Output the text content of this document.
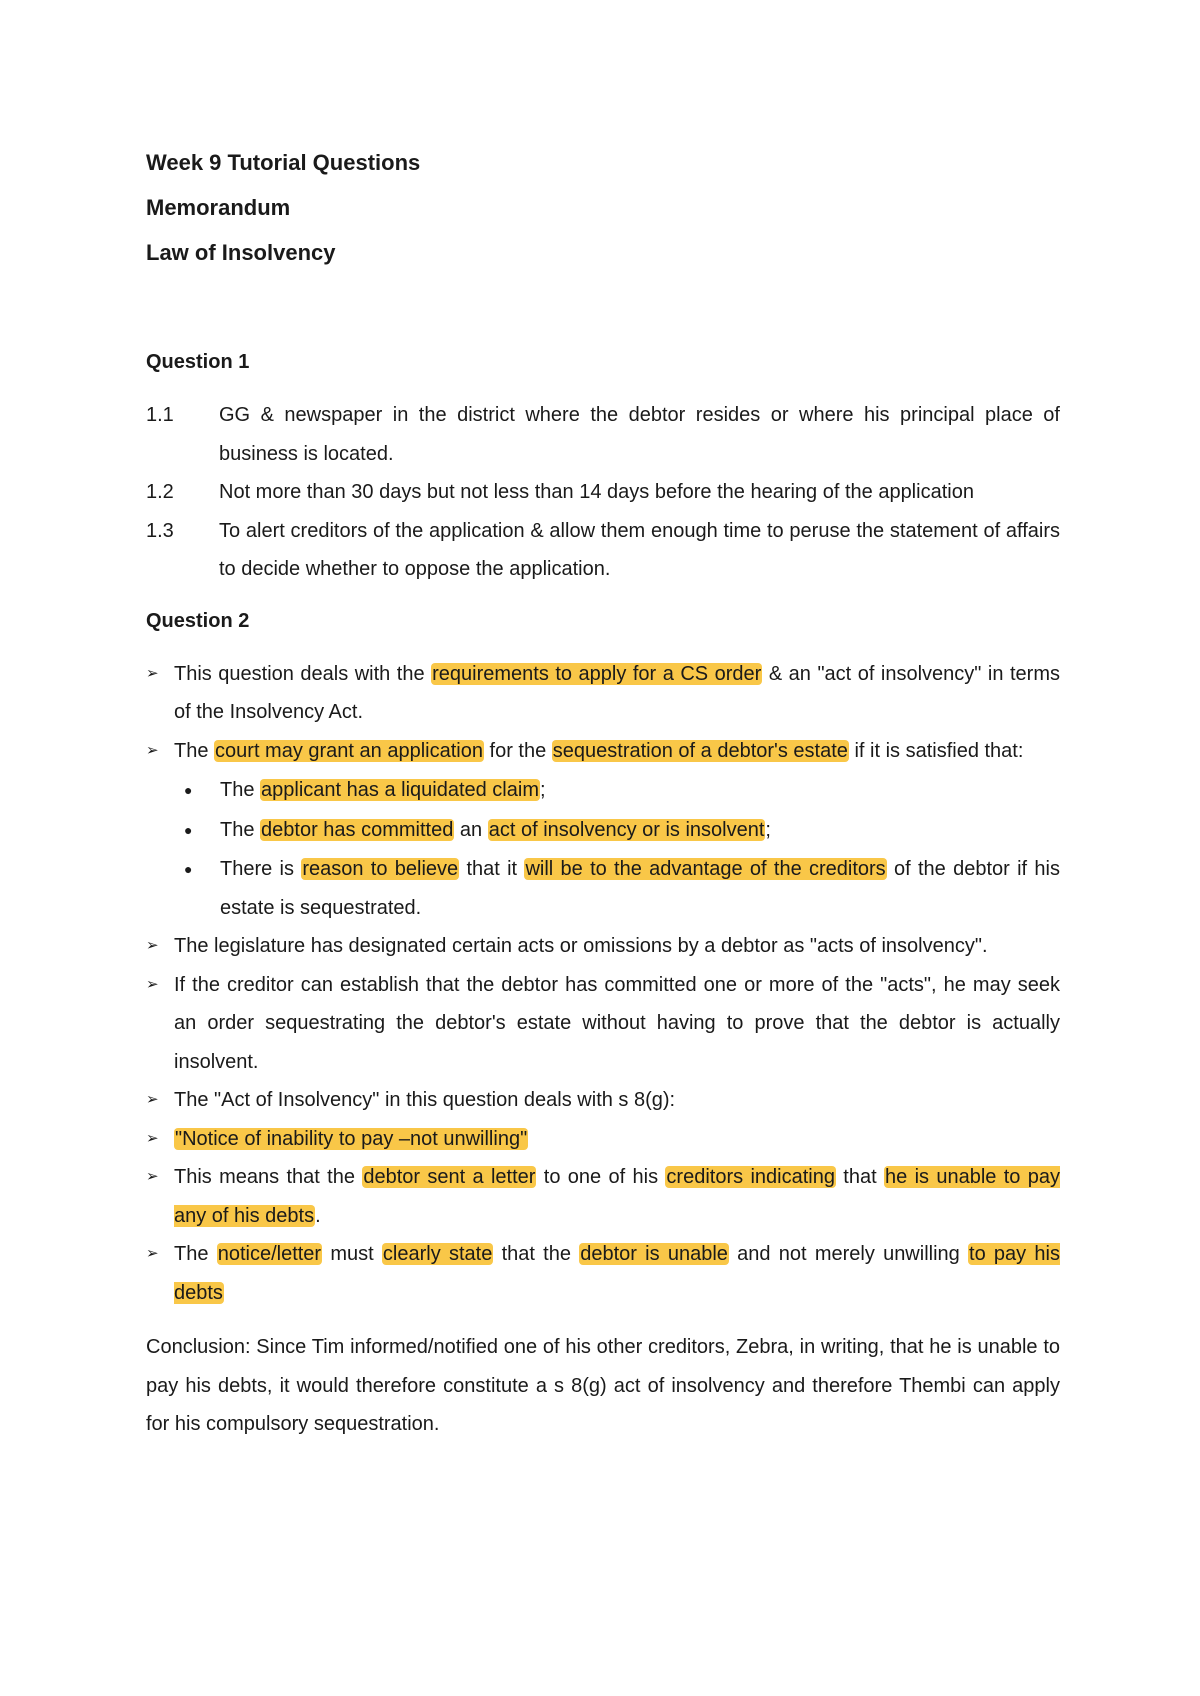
Week 9 Tutorial Questions

Memorandum

Law of Insolvency

Question 1

1.1	GG & newspaper in the district where the debtor resides or where his principal place of business is located.
1.2	Not more than 30 days but not less than 14 days before the hearing of the application
1.3	To alert creditors of the application & allow them enough time to peruse the statement of affairs to decide whether to oppose the application.

Question 2

➢ This question deals with the requirements to apply for a CS order & an "act of insolvency" in terms of the Insolvency Act.
➢ The court may grant an application for the sequestration of a debtor's estate if it is satisfied that:
●	The applicant has a liquidated claim;
●	The debtor has committed an act of insolvency or is insolvent;
●	There is reason to believe that it will be to the advantage of the creditors of the debtor if his estate is sequestrated.
➢ The legislature has designated certain acts or omissions by a debtor as "acts of insolvency".
➢ If the creditor can establish that the debtor has committed one or more of the "acts", he may seek an order sequestrating the debtor's estate without having to prove that the debtor is actually insolvent.
➢ The "Act of Insolvency" in this question deals with s 8(g):
➢ "Notice of inability to pay –not unwilling"
➢ This means that the debtor sent a letter to one of his creditors indicating that he is unable to pay any of his debts.
➢ The notice/letter must clearly state that the debtor is unable and not merely unwilling to pay his debts

Conclusion: Since Tim informed/notified one of his other creditors, Zebra, in writing, that he is unable to pay his debts, it would therefore constitute a s 8(g) act of insolvency and therefore Thembi can apply for his compulsory sequestration.
